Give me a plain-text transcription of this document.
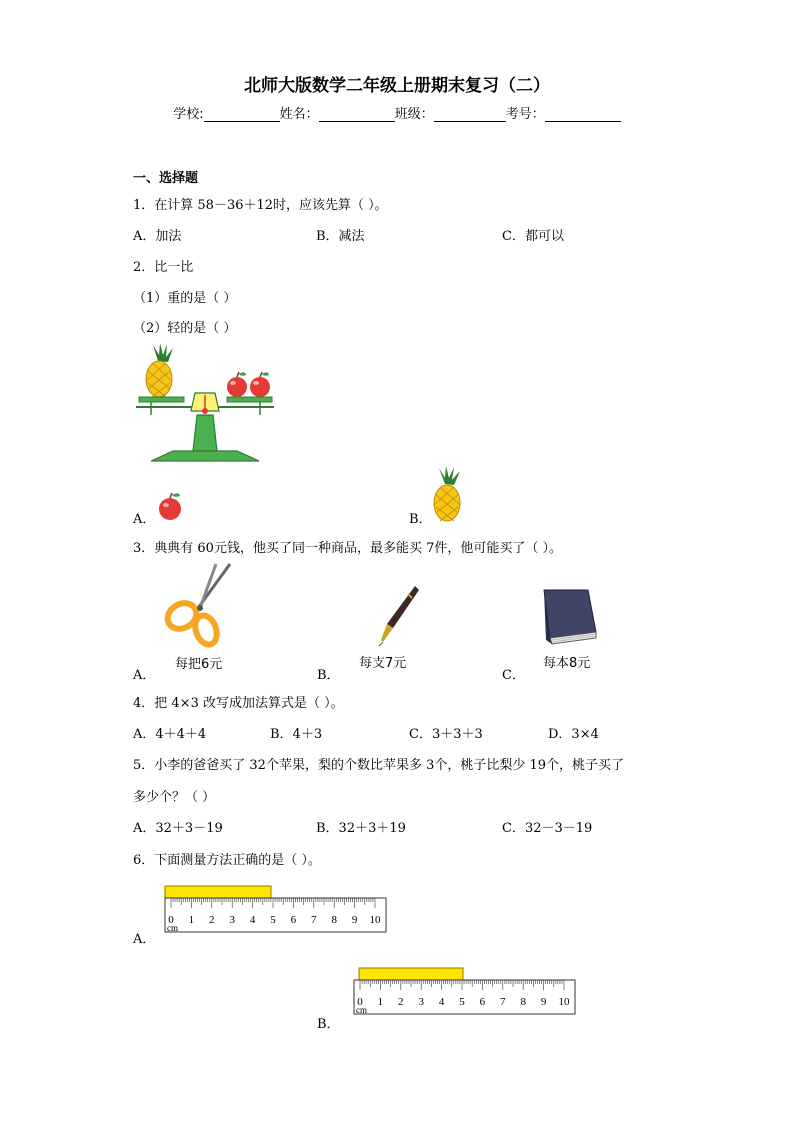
北师大版数学二年级上册期末复习（二）
学校:	姓名：	班级：	考号：
一、选择题
1．在计算 58－36＋12时，应该先算（ ）。
A．加法	B．减法	C．都可以
2．比一比
（1）重的是（ ）
（2）轻的是（ ）
A．	B．
3．典典有 60元钱，他买了同一种商品，最多能买 7件，他可能买了（ ）。
A．
每把6元
B．
每支7元
C．
每本8元
4．把 4×3 改写成加法算式是（ ）。
A．4＋4＋4	B．4＋3	C．3＋3＋3	D．3×4
5．小李的爸爸买了 32个苹果，梨的个数比苹果多 3个，桃子比梨少 19个，桃子买了
多少个？（ ）
A．32＋3－19	B．32＋3＋19	C．32－3－19
6．下面测量方法正确的是（ ）。
0 1 2 3 4 5 6 7 8 9 10
cm
A．
0 1 2 3 4 5 6 7 8 9 10
cm
B．
